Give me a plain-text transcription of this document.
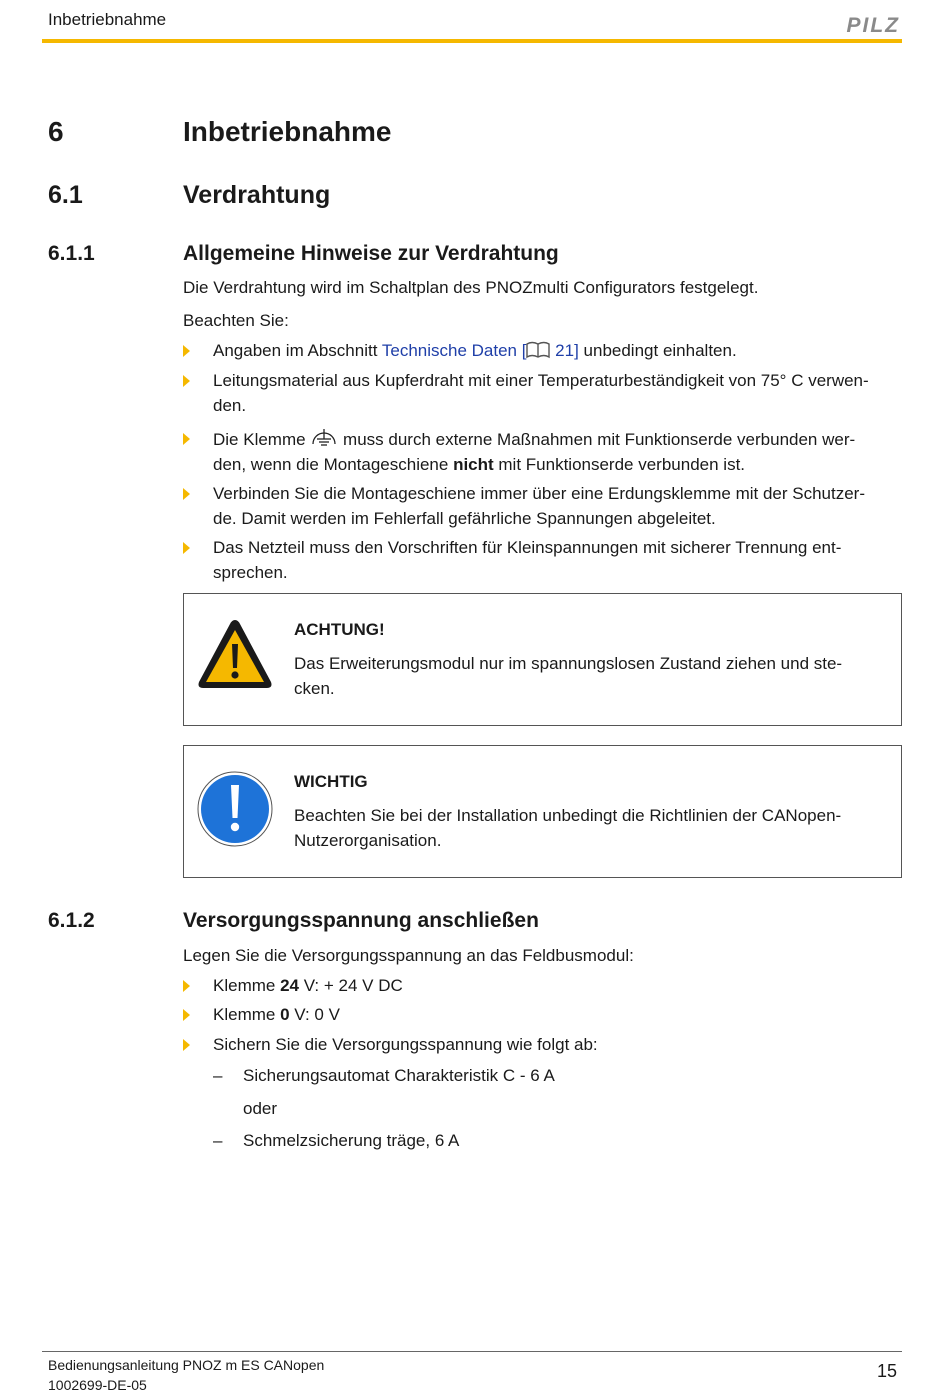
Inbetriebnahme	PILZ
6	Inbetriebnahme
6.1	Verdrahtung
6.1.1	Allgemeine Hinweise zur Verdrahtung
Die Verdrahtung wird im Schaltplan des PNOZmulti Configurators festgelegt.
Beachten Sie:
Angaben im Abschnitt Technische Daten [ 21] unbedingt einhalten.
Leitungsmaterial aus Kupferdraht mit einer Temperaturbeständigkeit von 75° C verwen-
den.
Die Klemme  muss durch externe Maßnahmen mit Funktionserde verbunden wer-
den, wenn die Montageschiene nicht mit Funktionserde verbunden ist.
Verbinden Sie die Montageschiene immer über eine Erdungsklemme mit der Schutzer-
de. Damit werden im Fehlerfall gefährliche Spannungen abgeleitet.
Das Netzteil muss den Vorschriften für Kleinspannungen mit sicherer Trennung ent-
sprechen.
ACHTUNG!
Das Erweiterungsmodul nur im spannungslosen Zustand ziehen und ste-
cken.
WICHTIG
Beachten Sie bei der Installation unbedingt die Richtlinien der CANopen-
Nutzerorganisation.
6.1.2	Versorgungsspannung anschließen
Legen Sie die Versorgungsspannung an das Feldbusmodul:
Klemme 24 V: + 24 V DC
Klemme 0 V: 0 V
Sichern Sie die Versorgungsspannung wie folgt ab:
– Sicherungsautomat Charakteristik C - 6 A
oder
– Schmelzsicherung träge, 6 A
Bedienungsanleitung PNOZ m ES CANopen
1002699-DE-05
15
